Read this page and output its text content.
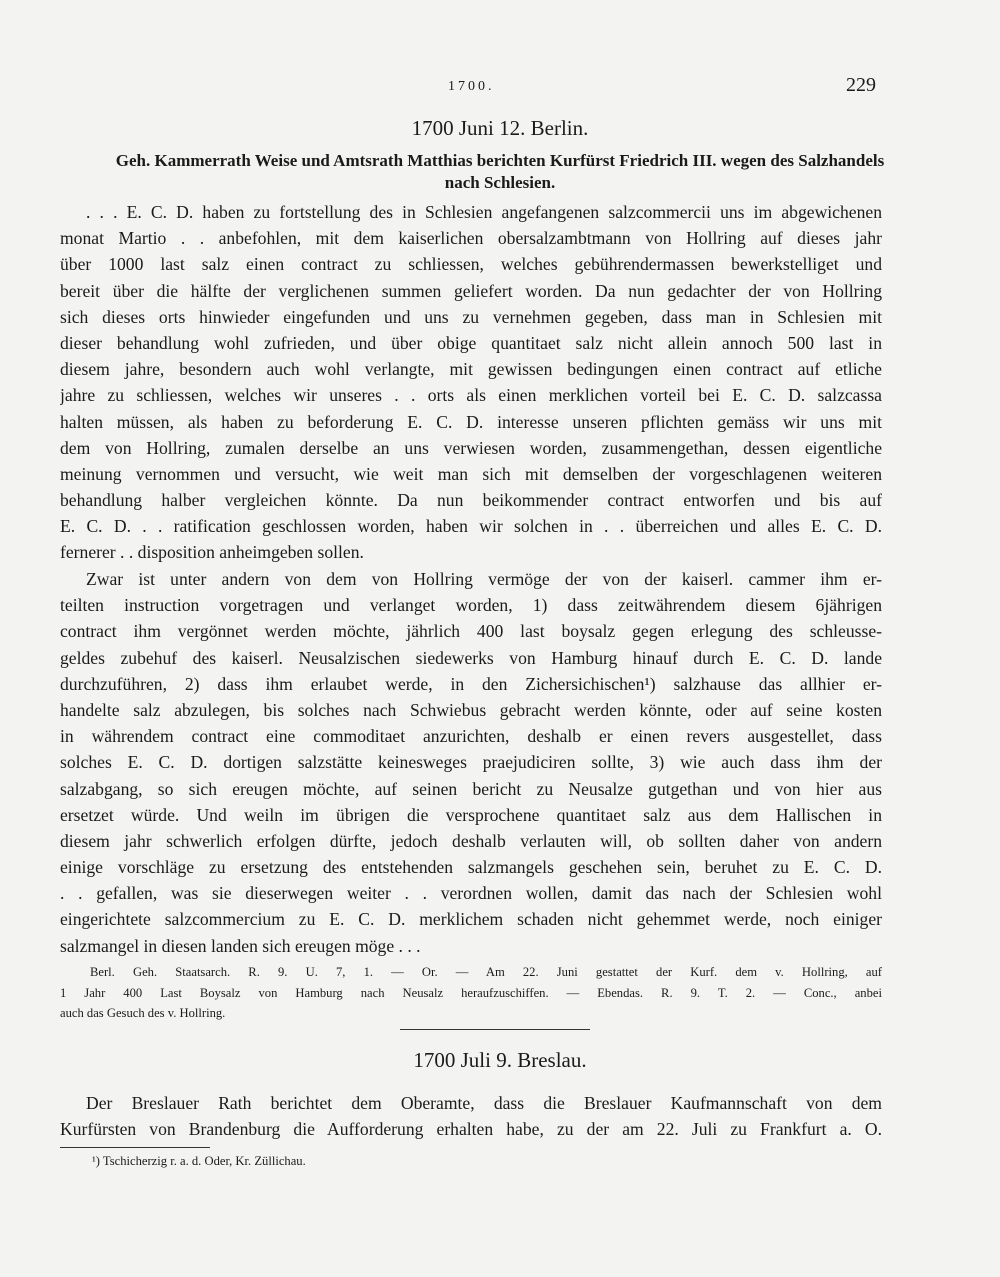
1700.	229
1700 Juni 12. Berlin.
Geh. Kammerrath Weise und Amtsrath Matthias berichten Kurfürst Friedrich III. wegen des Salzhandels
nach Schlesien.
. . . E. C. D. haben zu fortstellung des in Schlesien angefangenen salzcommercii uns im abgewichenen
monat Martio . . anbefohlen, mit dem kaiserlichen obersalzambtmann von Hollring auf dieses jahr
über 1000 last salz einen contract zu schliessen, welches gebührendermassen bewerkstelliget und
bereit über die hälfte der verglichenen summen geliefert worden. Da nun gedachter der von Hollring
sich dieses orts hinwieder eingefunden und uns zu vernehmen gegeben, dass man in Schlesien mit
dieser behandlung wohl zufrieden, und über obige quantitaet salz nicht allein annoch 500 last in
diesem jahre, besondern auch wohl verlangte, mit gewissen bedingungen einen contract auf etliche
jahre zu schliessen, welches wir unseres . . orts als einen merklichen vorteil bei E. C. D. salzcassa
halten müssen, als haben zu beforderung E. C. D. interesse unseren pflichten gemäss wir uns mit
dem von Hollring, zumalen derselbe an uns verwiesen worden, zusammengethan, dessen eigentliche
meinung vernommen und versucht, wie weit man sich mit demselben der vorgeschlagenen weiteren
behandlung halber vergleichen könnte. Da nun beikommender contract entworfen und bis auf
E. C. D. . . ratification geschlossen worden, haben wir solchen in . . überreichen und alles E. C. D.
fernerer . . disposition anheimgeben sollen.
Zwar ist unter andern von dem von Hollring vermöge der von der kaiserl. cammer ihm er-
teilten instruction vorgetragen und verlanget worden, 1) dass zeitwährendem diesem 6jährigen
contract ihm vergönnet werden möchte, jährlich 400 last boysalz gegen erlegung des schleusse-
geldes zubehuf des kaiserl. Neusalzischen siedewerks von Hamburg hinauf durch E. C. D. lande
durchzuführen, 2) dass ihm erlaubet werde, in den Zichersichischen¹) salzhause das allhier er-
handelte salz abzulegen, bis solches nach Schwiebus gebracht werden könnte, oder auf seine kosten
in währendem contract eine commoditaet anzurichten, deshalb er einen revers ausgestellet, dass
solches E. C. D. dortigen salzstätte keinesweges praejudiciren sollte, 3) wie auch dass ihm der
salzabgang, so sich ereugen möchte, auf seinen bericht zu Neusalze gutgethan und von hier aus
ersetzet würde. Und weiln im übrigen die versprochene quantitaet salz aus dem Hallischen in
diesem jahr schwerlich erfolgen dürfte, jedoch deshalb verlauten will, ob sollten daher von andern
einige vorschläge zu ersetzung des entstehenden salzmangels geschehen sein, beruhet zu E. C. D.
. . gefallen, was sie dieserwegen weiter . . verordnen wollen, damit das nach der Schlesien wohl
eingerichtete salzcommercium zu E. C. D. merklichem schaden nicht gehemmet werde, noch einiger
salzmangel in diesen landen sich ereugen möge . . .
Berl. Geh. Staatsarch. R. 9. U. 7, 1. — Or. — Am 22. Juni gestattet der Kurf. dem v. Hollring, auf
1 Jahr 400 Last Boysalz von Hamburg nach Neusalz heraufzuschiffen. — Ebendas. R. 9. T. 2. — Conc., anbei
auch das Gesuch des v. Hollring.
1700 Juli 9. Breslau.
Der Breslauer Rath berichtet dem Oberamte, dass die Breslauer Kaufmannschaft von dem
Kurfürsten von Brandenburg die Aufforderung erhalten habe, zu der am 22. Juli zu Frankfurt a. O.
¹) Tschicherzig r. a. d. Oder, Kr. Züllichau.
